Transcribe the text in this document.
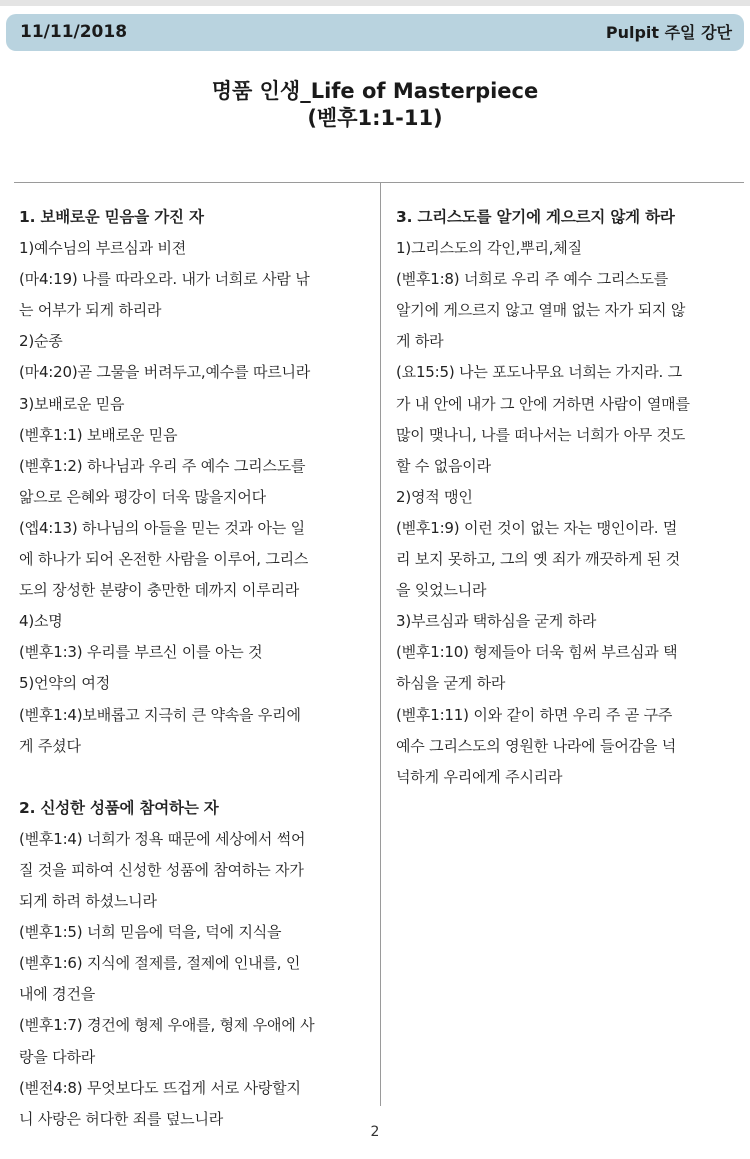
11/11/2018	Pulpit 주일 강단
명품 인생_Life of Masterpiece
(벧후1:1-11)
1. 보배로운 믿음을 가진 자

1)예수님의 부르심과 비젼

(마4:19) 나를 따라오라. 내가 너희로 사람 낚

는 어부가 되게 하리라

2)순종

(마4:20)곧 그물을 버려두고,예수를 따르니라

3)보배로운 믿음

(벧후1:1) 보배로운 믿음

(벧후1:2) 하나님과 우리 주 예수 그리스도를

앎으로 은혜와 평강이 더욱 많을지어다

(엡4:13) 하나님의 아들을 믿는 것과 아는 일

에 하나가 되어 온전한 사람을 이루어, 그리스

도의 장성한 분량이 충만한 데까지 이루리라

4)소명

(벧후1:3) 우리를 부르신 이를 아는 것

5)언약의 여정

(벧후1:4)보배롭고 지극히 큰 약속을 우리에

게 주셨다

2. 신성한 성품에 참여하는 자

(벧후1:4) 너희가 정욕 때문에 세상에서 썩어

질 것을 피하여 신성한 성품에 참여하는 자가

되게 하려 하셨느니라

(벧후1:5) 너희 믿음에 덕을, 덕에 지식을

(벧후1:6) 지식에 절제를, 절제에 인내를, 인

내에 경건을

(벧후1:7) 경건에 형제 우애를, 형제 우애에 사

랑을 다하라

(벧전4:8) 무엇보다도 뜨겁게 서로 사랑할지

니 사랑은 허다한 죄를 덮느니라

3. 그리스도를 알기에 게으르지 않게 하라

1)그리스도의 각인,뿌리,체질

(벧후1:8) 너희로 우리 주 예수 그리스도를

알기에 게으르지 않고 열매 없는 자가 되지 않

게 하라

(요15:5) 나는 포도나무요 너희는 가지라. 그

가 내 안에 내가 그 안에 거하면 사람이 열매를

많이 맺나니, 나를 떠나서는 너희가 아무 것도

할 수 없음이라

2)영적 맹인

(벧후1:9) 이런 것이 없는 자는 맹인이라. 멀

리 보지 못하고, 그의 옛 죄가 깨끗하게 된 것

을 잊었느니라

3)부르심과 택하심을 굳게 하라

(벧후1:10) 형제들아 더욱 힘써 부르심과 택

하심을 굳게 하라

(벧후1:11) 이와 같이 하면 우리 주 곧 구주

예수 그리스도의 영원한 나라에 들어감을 넉

넉하게 우리에게 주시리라

2
